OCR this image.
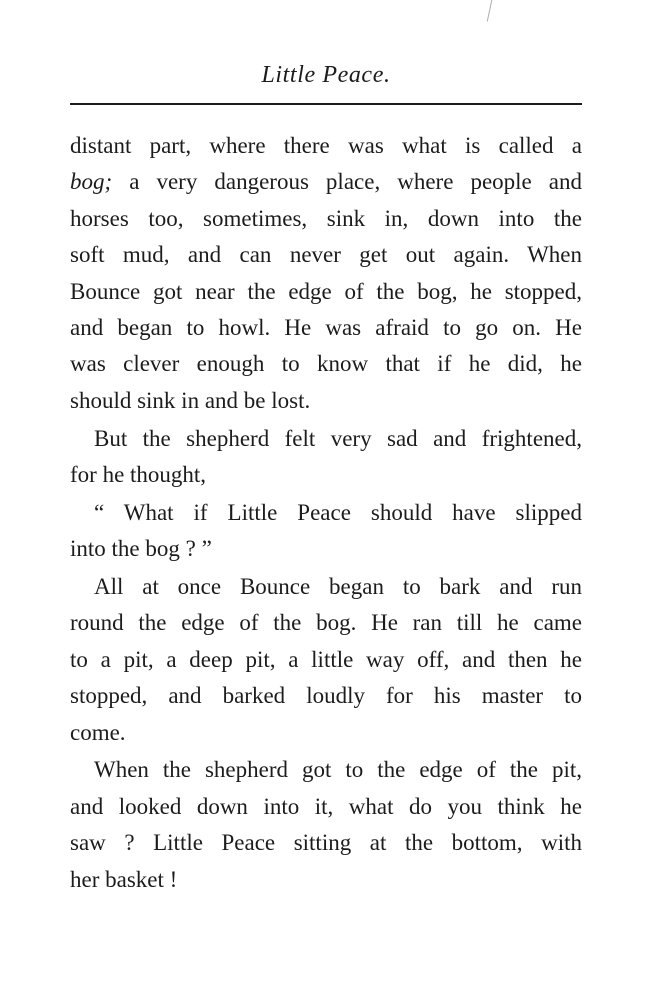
Little Peace.

distant part, where there was what is called a
bog; a very dangerous place, where people and
horses too, sometimes, sink in, down into the
soft mud, and can never get out again. When
Bounce got near the edge of the bog, he stopped,
and began to howl. He was afraid to go on. He
was clever enough to know that if he did, he
should sink in and be lost.

But the shepherd felt very sad and frightened,
for he thought,

“ What if Little Peace should have slipped
into the bog ? ”

All at once Bounce began to bark and run
round the edge of the bog. He ran till he came
to a pit, a deep pit, a little way off, and then he
stopped, and barked loudly for his master to
come.

When the shepherd got to the edge of the pit,
and looked down into it, what do you think he
saw ? Little Peace sitting at the bottom, with
her basket !
